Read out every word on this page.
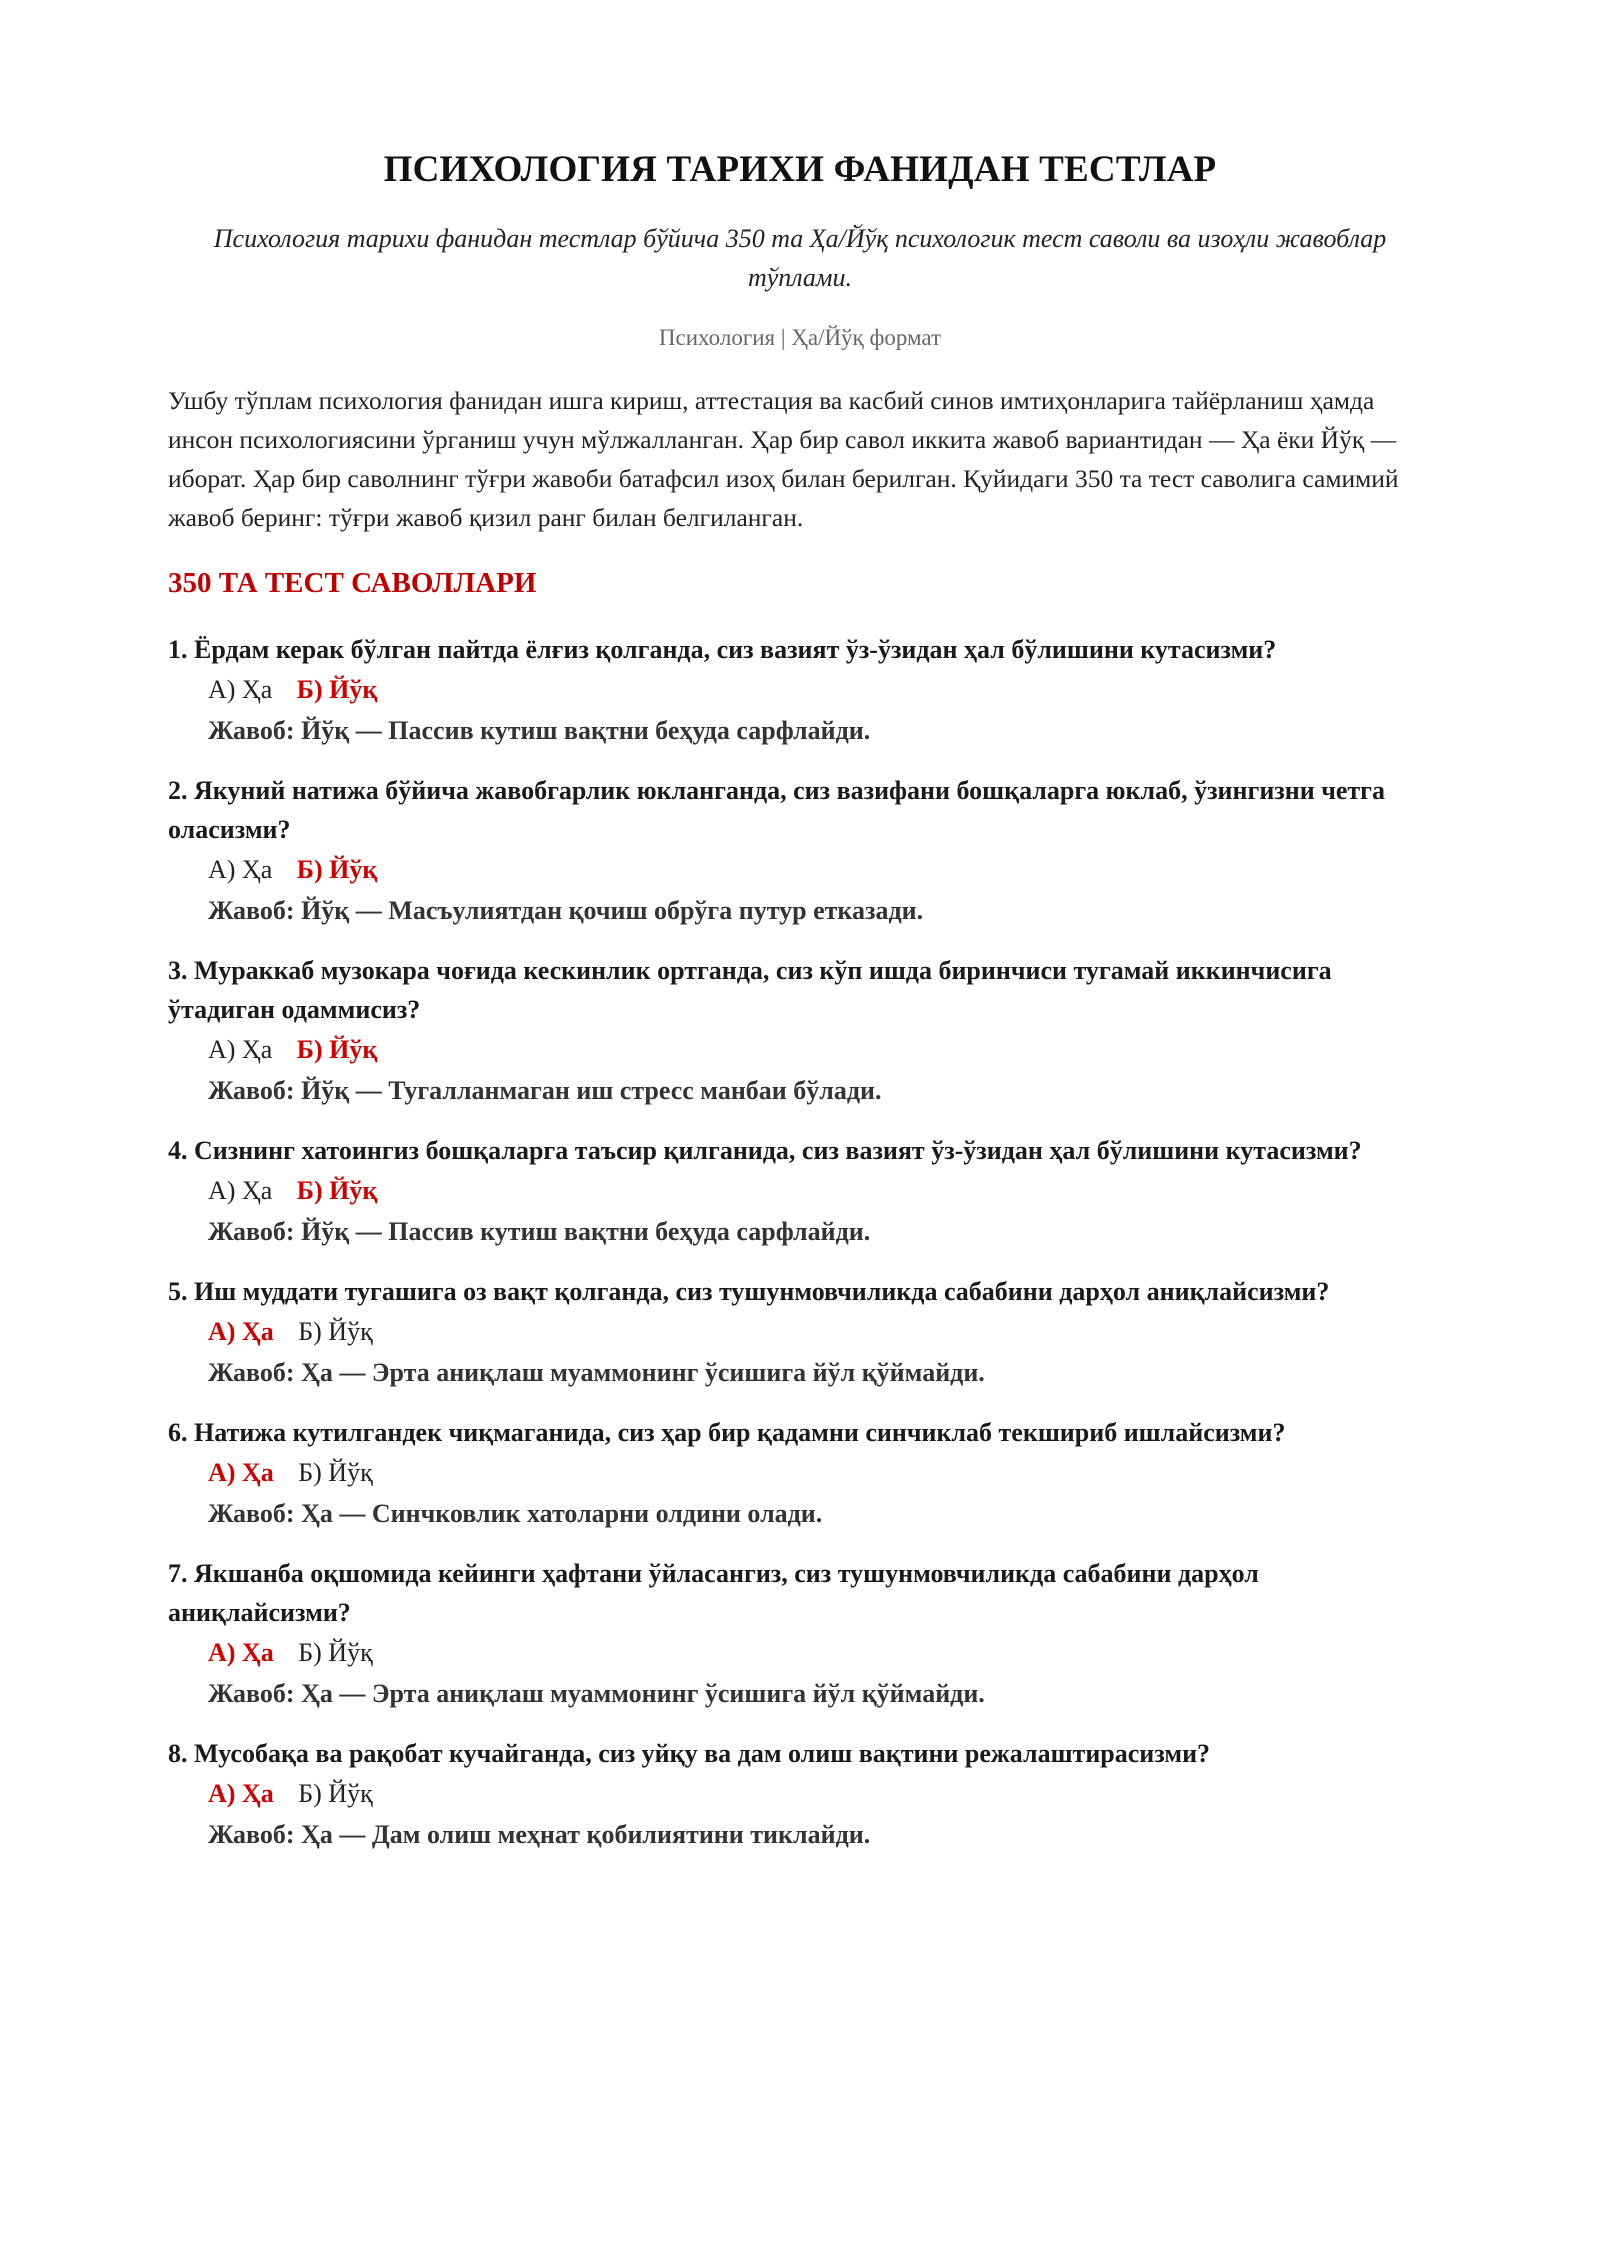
ПСИХОЛОГИЯ ТАРИХИ ФАНИДАН ТЕСТЛАР
Психология тарихи фанидан тестлар бўйича 350 та Ҳа/Йўқ психологик тест саволи ва изоҳли жавоблар тўплами.
Психология | Ҳа/Йўқ формат
Ушбу тўплам психология фанидан ишга кириш, аттестация ва касбий синов имтиҳонларига тайёрланиш ҳамда инсон психологиясини ўрганиш учун мўлжалланган. Ҳар бир савол иккита жавоб вариантидан — Ҳа ёки Йўқ — иборат. Ҳар бир саволнинг тўғри жавоби батафсил изоҳ билан берилган. Қуйидаги 350 та тест саволига самимий жавоб беринг: тўғри жавоб қизил ранг билан белгиланган.
350 ТА ТЕСТ САВОЛЛАРИ
1. Ёрдам керак бўлган пайтда ёлғиз қолганда, сиз вазият ўз-ўзидан ҳал бўлишини кутасизми?
А) Ҳа Б) Йўқ
Жавоб: Йўқ — Пассив кутиш вақтни беҳуда сарфлайди.
2. Якуний натижа бўйича жавобгарлик юклангандa, сиз вазифани бошқаларга юклаб, ўзингизни четга оласизми?
А) Ҳа Б) Йўқ
Жавоб: Йўқ — Масъулиятдан қочиш обрўга путур етказади.
3. Мураккаб музокара чоғида кескинлик ортганда, сиз кўп ишда биринчиси тугамай иккинчисига ўтадиган одаммисиз?
А) Ҳа Б) Йўқ
Жавоб: Йўқ — Тугалланмаган иш стресс манбаи бўлади.
4. Сизнинг хатоингиз бошқаларга таъсир қилганида, сиз вазият ўз-ўзидан ҳал бўлишини кутасизми?
А) Ҳа Б) Йўқ
Жавоб: Йўқ — Пассив кутиш вақтни беҳуда сарфлайди.
5. Иш муддати тугашига оз вақт қолганда, сиз тушунмовчиликда сабабини дарҳол аниқлайсизми?
А) Ҳа Б) Йўқ
Жавоб: Ҳа — Эрта аниқлаш муаммонинг ўсишига йўл қўймайди.
6. Натижа кутилгандек чиқмаганида, сиз ҳар бир қадамни синчиклаб текшириб ишлайсизми?
А) Ҳа Б) Йўқ
Жавоб: Ҳа — Синчковлик хатоларни олдини олади.
7. Якшанба оқшомида кейинги ҳафтани ўйласангиз, сиз тушунмовчиликда сабабини дарҳол аниқлайсизми?
А) Ҳа Б) Йўқ
Жавоб: Ҳа — Эрта аниқлаш муаммонинг ўсишига йўл қўймайди.
8. Мусобақа ва рақобат кучайганда, сиз уйқу ва дам олиш вақтини режалаштирасизми?
А) Ҳа Б) Йўқ
Жавоб: Ҳа — Дам олиш меҳнат қобилиятини тиклайди.
